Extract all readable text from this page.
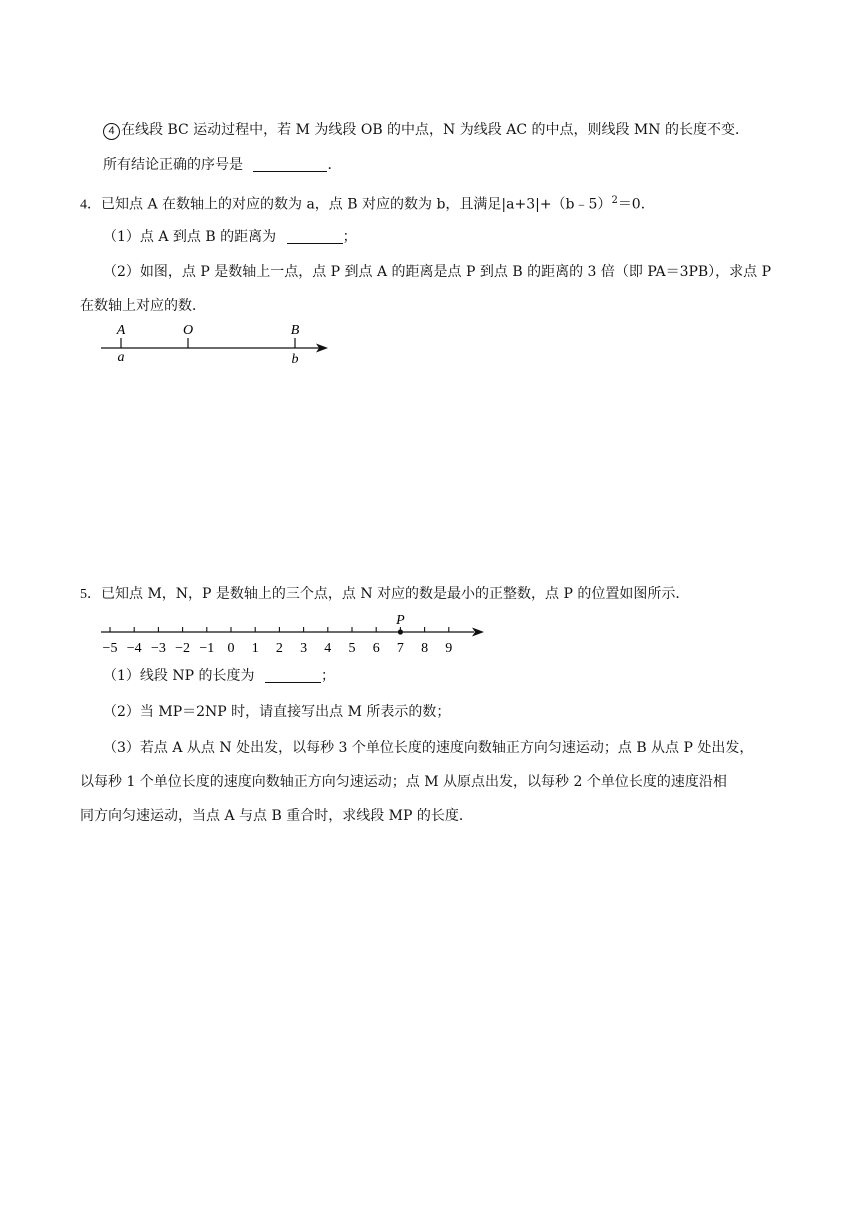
4 在线段 BC 运动过程中，若 M 为线段 OB 的中点，N 为线段 AC 的中点，则线段 MN 的长度不变．
所有结论正确的序号是	．
4．已知点 A 在数轴上的对应的数为 a，点 B 对应的数为 b，且满足|a+3|+（b﹣5）$^2$＝0．
（1）点 A 到点 B 的距离为	；
（2）如图，点 P 是数轴上一点，点 P 到点 A 的距离是点 P 到点 B 的距离的 3 倍（即 PA＝3PB），求点 P
在数轴上对应的数．
A	O	B
a	b
5．已知点 M，N，P 是数轴上的三个点，点 N 对应的数是最小的正整数，点 P 的位置如图所示．
−5 −4 −3 −2 −1 0 1 2 3 4 5 6 7 8 9
P
（1）线段 NP 的长度为	；
（2）当 MP＝2NP 时，请直接写出点 M 所表示的数；
（3）若点 A 从点 N 处出发，以每秒 3 个单位长度的速度向数轴正方向匀速运动；点 B 从点 P 处出发，
以每秒 1 个单位长度的速度向数轴正方向匀速运动；点 M 从原点出发，以每秒 2 个单位长度的速度沿相
同方向匀速运动，当点 A 与点 B 重合时，求线段 MP 的长度．
